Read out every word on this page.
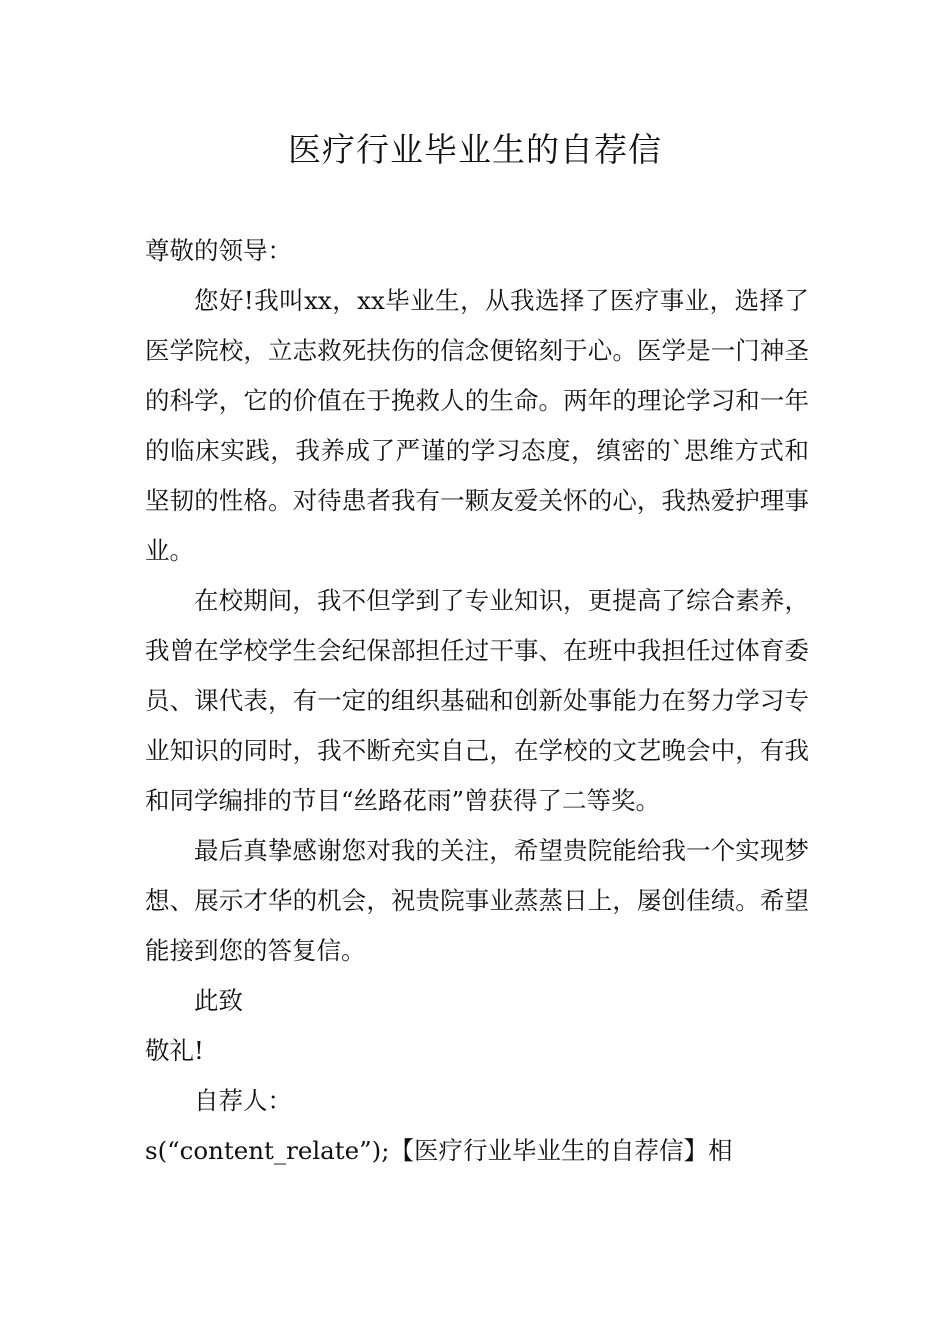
医疗行业毕业生的自荐信

尊敬的领导：

您好!我叫xx，xx毕业生，从我选择了医疗事业，选择了医学院校，立志救死扶伤的信念便铭刻于心。医学是一门神圣的科学，它的价值在于挽救人的生命。两年的理论学习和一年的临床实践，我养成了严谨的学习态度，缜密的`思维方式和坚韧的性格。对待患者我有一颗友爱关怀的心，我热爱护理事业。

在校期间，我不但学到了专业知识，更提高了综合素养，我曾在学校学生会纪保部担任过干事、在班中我担任过体育委员、课代表，有一定的组织基础和创新处事能力在努力学习专业知识的同时，我不断充实自己，在学校的文艺晚会中，有我和同学编排的节目“丝路花雨”曾获得了二等奖。

最后真挚感谢您对我的关注，希望贵院能给我一个实现梦想、展示才华的机会，祝贵院事业蒸蒸日上，屡创佳绩。希望能接到您的答复信。

此致

敬礼!

自荐人：

s(“content_relate”);【医疗行业毕业生的自荐信】相
